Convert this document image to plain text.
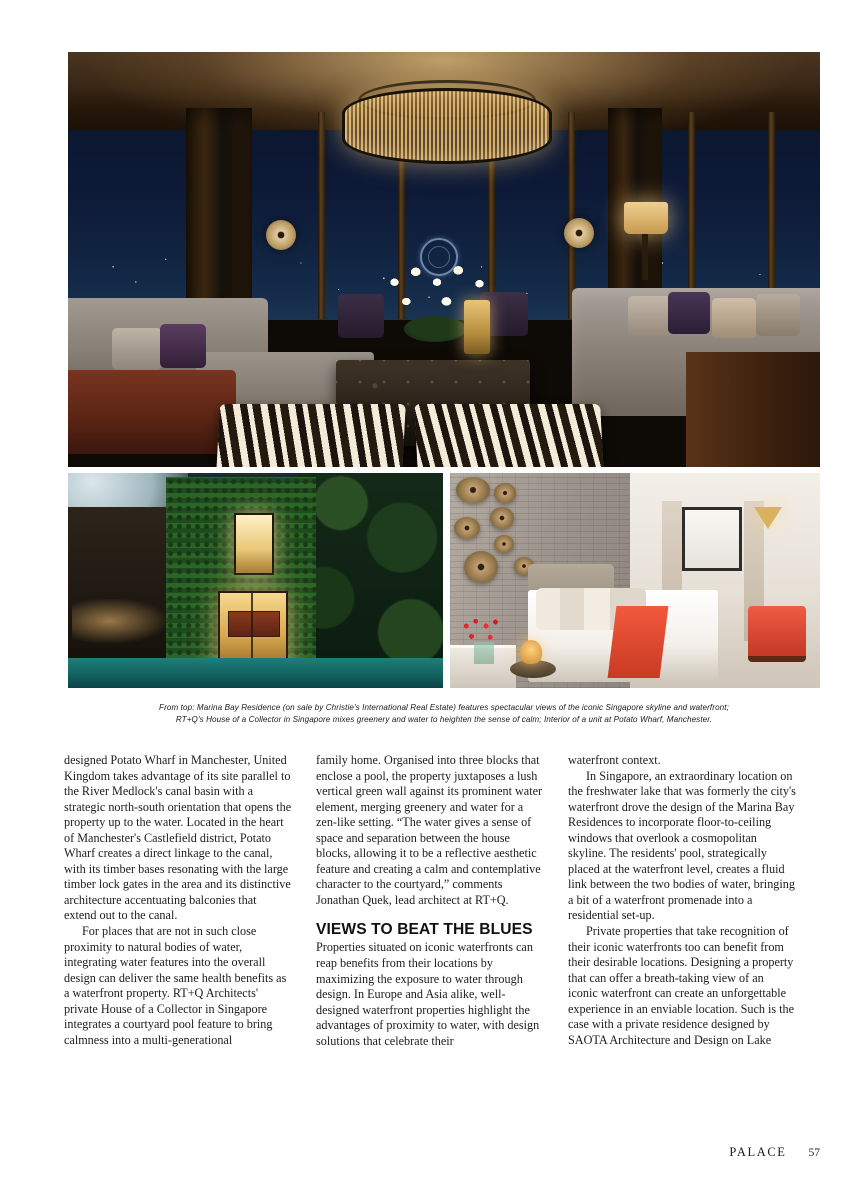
From top: Marina Bay Residence (on sale by Christie's International Real Estate) features spectacular views of the iconic Singapore skyline and waterfront;
RT+Q's House of a Collector in Singapore mixes greenery and water to heighten the sense of calm; Interior of a unit at Potato Wharf, Manchester.

designed Potato Wharf in Manchester, United Kingdom takes advantage of its site parallel to the River Medlock's canal basin with a strategic north-south orientation that opens the property up to the water. Located in the heart of Manchester's Castlefield district, Potato Wharf creates a direct linkage to the canal, with its timber bases resonating with the large timber lock gates in the area and its distinctive architecture accentuating balconies that extend out to the canal.

For places that are not in such close proximity to natural bodies of water, integrating water features into the overall design can deliver the same health benefits as a waterfront property. RT+Q Architects' private House of a Collector in Singapore integrates a courtyard pool feature to bring calmness into a multi-generational

family home. Organised into three blocks that enclose a pool, the property juxtaposes a lush vertical green wall against its prominent water element, merging greenery and water for a zen-like setting. “The water gives a sense of space and separation between the house blocks, allowing it to be a reflective aesthetic feature and creating a calm and contemplative character to the courtyard,” comments Jonathan Quek, lead architect at RT+Q.

VIEWS TO BEAT THE BLUES

Properties situated on iconic waterfronts can reap benefits from their locations by maximizing the exposure to water through design. In Europe and Asia alike, well-designed waterfront properties highlight the advantages of proximity to water, with design solutions that celebrate their

waterfront context.

In Singapore, an extraordinary location on the freshwater lake that was formerly the city's waterfront drove the design of the Marina Bay Residences to incorporate floor-to-ceiling windows that overlook a cosmopolitan skyline. The residents' pool, strategically placed at the waterfront level, creates a fluid link between the two bodies of water, bringing a bit of a waterfront promenade into a residential set-up.

Private properties that take recognition of their iconic waterfronts too can benefit from their desirable locations. Designing a property that can offer a breath-taking view of an iconic waterfront can create an unforgettable experience in an enviable location. Such is the case with a private residence designed by SAOTA Architecture and Design on Lake

PALACE 57
